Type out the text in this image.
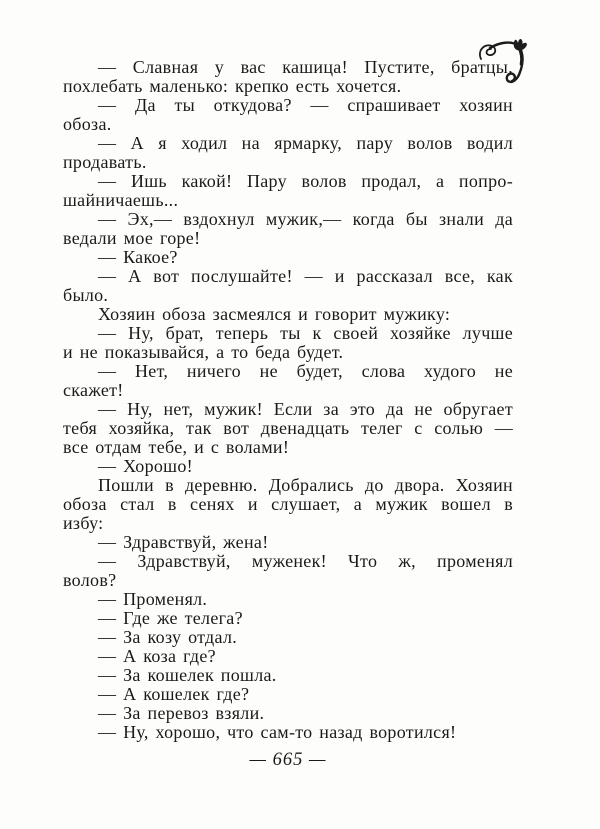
— Славная у вас кашица! Пустите, братцы,
похлебать маленько: крепко есть хочется.
— Да ты откудова? — спрашивает хозяин
обоза.
— А я ходил на ярмарку, пару волов водил
продавать.
— Ишь какой! Пару волов продал, а попро-
шайничаешь...
— Эх,— вздохнул мужик,— когда бы знали да
ведали мое горе!
— Какое?
— А вот послушайте! — и рассказал все, как
было.
Хозяин обоза засмеялся и говорит мужику:
— Ну, брат, теперь ты к своей хозяйке лучше
и не показывайся, а то беда будет.
— Нет, ничего не будет, слова худого не
скажет!
— Ну, нет, мужик! Если за это да не обругает
тебя хозяйка, так вот двенадцать телег с солью —
все отдам тебе, и с волами!
— Хорошо!
Пошли в деревню. Добрались до двора. Хозяин
обоза стал в сенях и слушает, а мужик вошел в
избу:
— Здравствуй, жена!
— Здравствуй, муженек! Что ж, променял
волов?
— Променял.
— Где же телега?
— За козу отдал.
— А коза где?
— За кошелек пошла.
— А кошелек где?
— За перевоз взяли.
— Ну, хорошо, что сам-то назад воротился!
— 665 —
